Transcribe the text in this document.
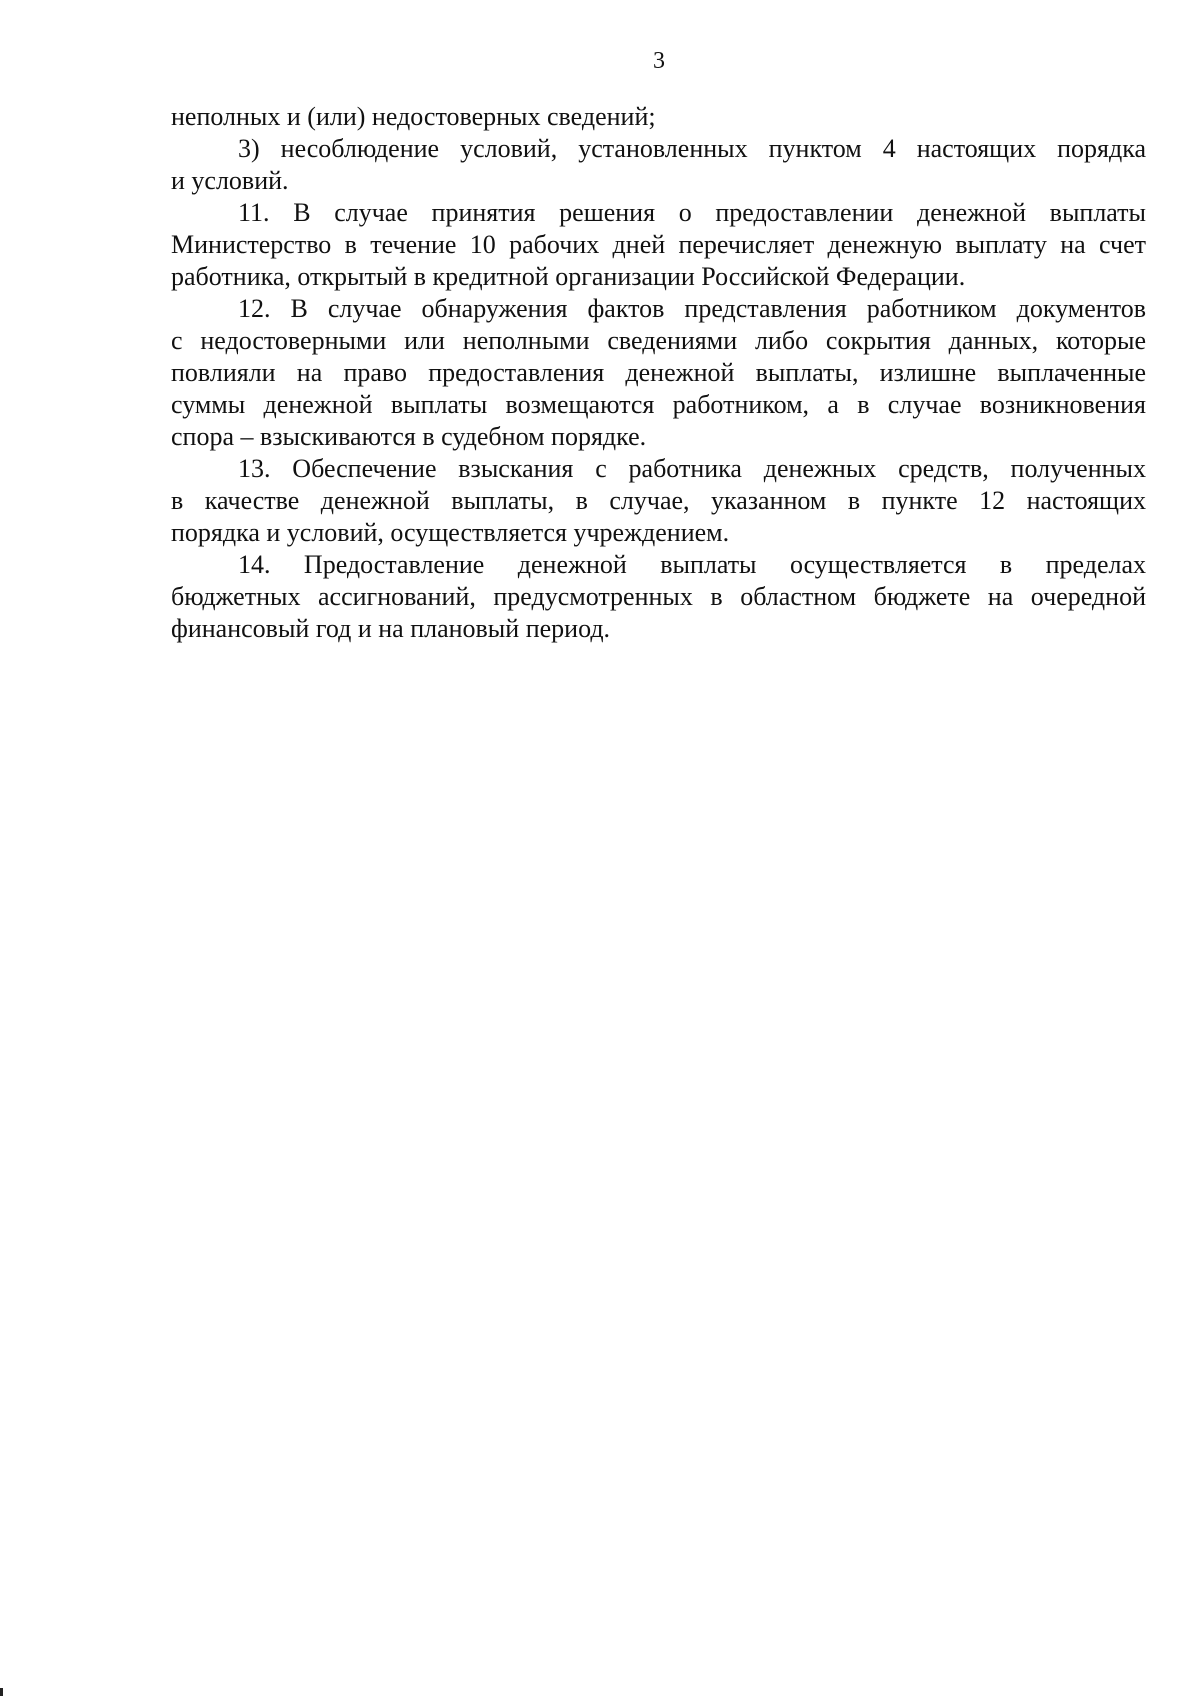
3
неполных и (или) недостоверных сведений;
3) несоблюдение условий, установленных пунктом 4 настоящих порядка
и условий.
11. В случае принятия решения о предоставлении денежной выплаты
Министерство в течение 10 рабочих дней перечисляет денежную выплату на счет
работника, открытый в кредитной организации Российской Федерации.
12. В случае обнаружения фактов представления работником документов
с недостоверными или неполными сведениями либо сокрытия данных, которые
повлияли на право предоставления денежной выплаты, излишне выплаченные
суммы денежной выплаты возмещаются работником, а в случае возникновения
спора – взыскиваются в судебном порядке.
13. Обеспечение взыскания с работника денежных средств, полученных
в качестве денежной выплаты, в случае, указанном в пункте 12 настоящих
порядка и условий, осуществляется учреждением.
14. Предоставление денежной выплаты осуществляется в пределах
бюджетных ассигнований, предусмотренных в областном бюджете на очередной
финансовый год и на плановый период.
